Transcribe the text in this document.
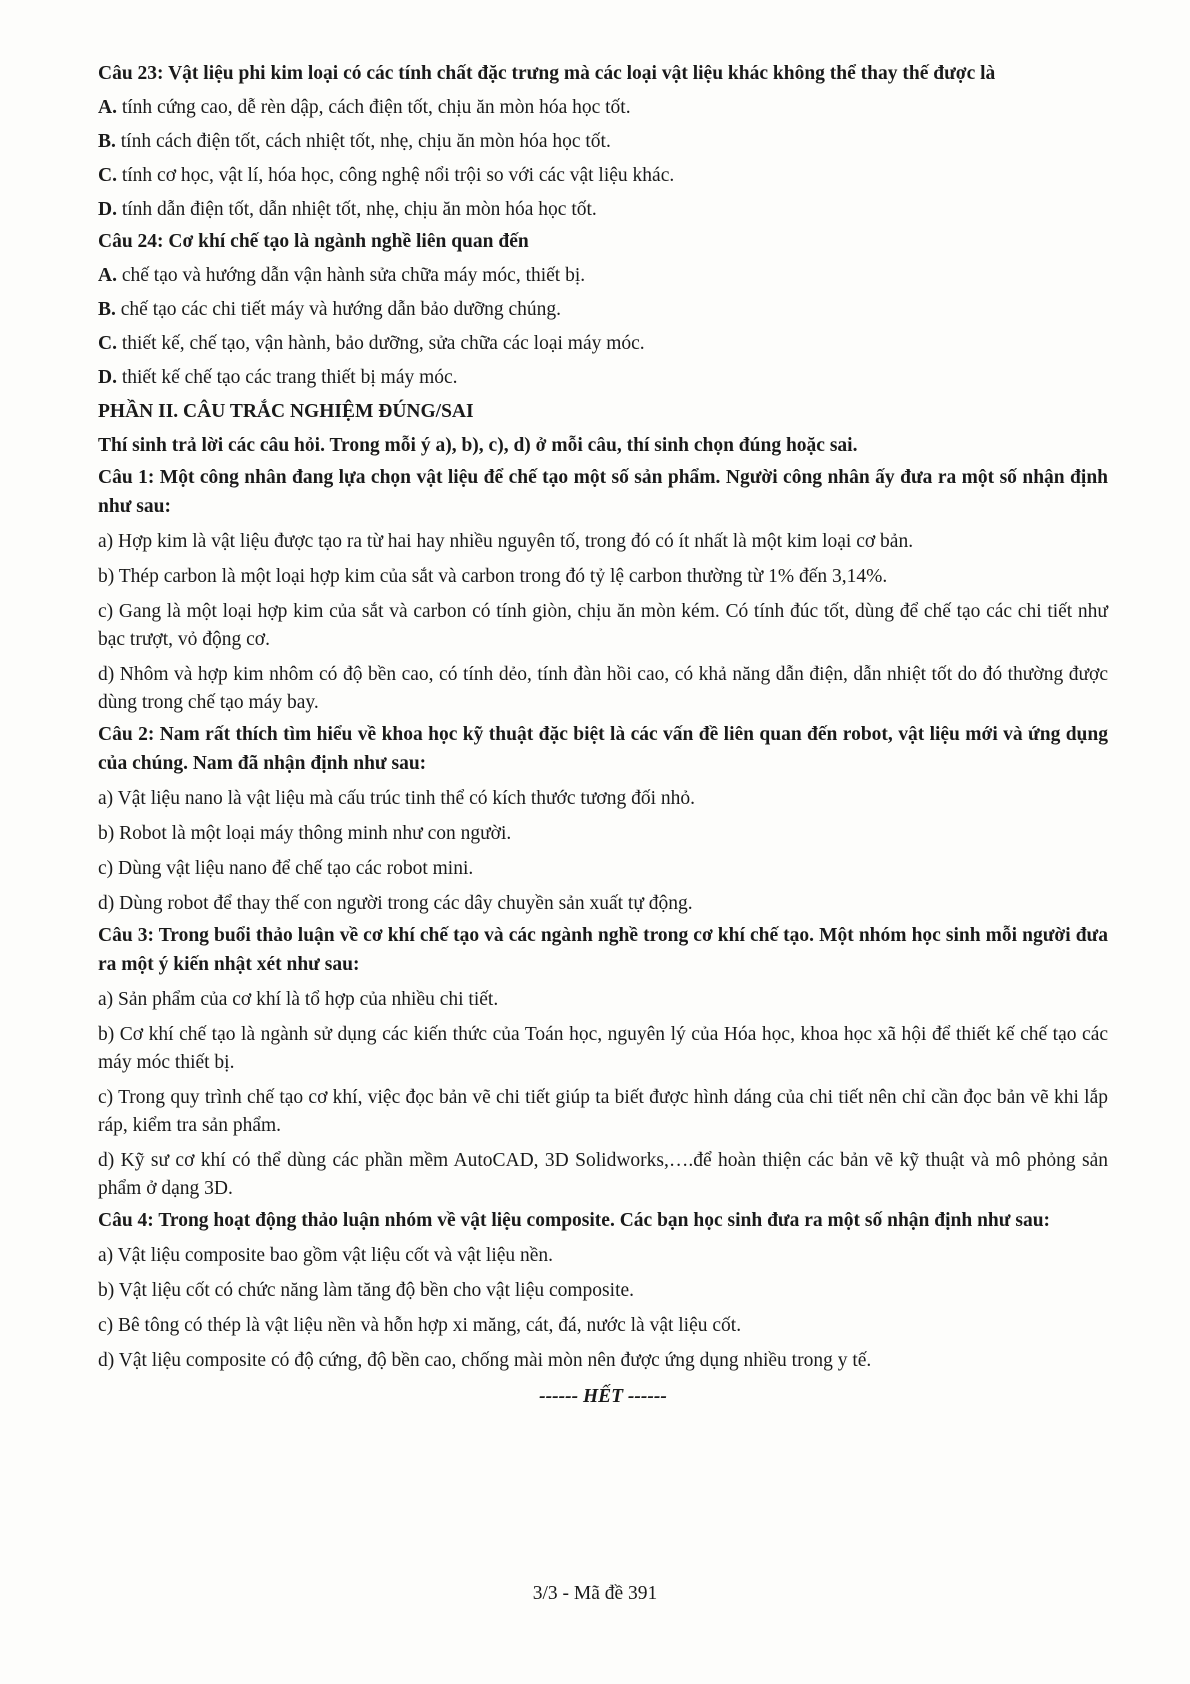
Câu 23: Vật liệu phi kim loại có các tính chất đặc trưng mà các loại vật liệu khác không thể thay thế được là
A. tính cứng cao, dễ rèn dập, cách điện tốt, chịu ăn mòn hóa học tốt.
B. tính cách điện tốt, cách nhiệt tốt, nhẹ, chịu ăn mòn hóa học tốt.
C. tính cơ học, vật lí, hóa học, công nghệ nổi trội so với các vật liệu khác.
D. tính dẫn điện tốt, dẫn nhiệt tốt, nhẹ, chịu ăn mòn hóa học tốt.
Câu 24: Cơ khí chế tạo là ngành nghề liên quan đến
A. chế tạo và hướng dẫn vận hành sửa chữa máy móc, thiết bị.
B. chế tạo các chi tiết máy và hướng dẫn bảo dưỡng chúng.
C. thiết kế, chế tạo, vận hành, bảo dưỡng, sửa chữa các loại máy móc.
D. thiết kế chế tạo các trang thiết bị máy móc.
PHẦN II. CÂU TRẮC NGHIỆM ĐÚNG/SAI
Thí sinh trả lời các câu hỏi. Trong mỗi ý a), b), c), d) ở mỗi câu, thí sinh chọn đúng hoặc sai.
Câu 1: Một công nhân đang lựa chọn vật liệu để chế tạo một số sản phẩm. Người công nhân ấy đưa ra một số nhận định như sau:
a) Hợp kim là vật liệu được tạo ra từ hai hay nhiều nguyên tố, trong đó có ít nhất là một kim loại cơ bản.
b) Thép carbon là một loại hợp kim của sắt và carbon trong đó tỷ lệ carbon thường từ 1% đến 3,14%.
c) Gang là một loại hợp kim của sắt và carbon có tính giòn, chịu ăn mòn kém. Có tính đúc tốt, dùng để chế tạo các chi tiết như bạc trượt, vỏ động cơ.
d) Nhôm và hợp kim nhôm có độ bền cao, có tính dẻo, tính đàn hồi cao, có khả năng dẫn điện, dẫn nhiệt tốt do đó thường được dùng trong chế tạo máy bay.
Câu 2: Nam rất thích tìm hiểu về khoa học kỹ thuật đặc biệt là các vấn đề liên quan đến robot, vật liệu mới và ứng dụng của chúng. Nam đã nhận định như sau:
a) Vật liệu nano là vật liệu mà cấu trúc tinh thể có kích thước tương đối nhỏ.
b) Robot là một loại máy thông minh như con người.
c) Dùng vật liệu nano để chế tạo các robot mini.
d) Dùng robot để thay thế con người trong các dây chuyền sản xuất tự động.
Câu 3: Trong buổi thảo luận về cơ khí chế tạo và các ngành nghề trong cơ khí chế tạo. Một nhóm học sinh mỗi người đưa ra một ý kiến nhật xét như sau:
a) Sản phẩm của cơ khí là tổ hợp của nhiều chi tiết.
b) Cơ khí chế tạo là ngành sử dụng các kiến thức của Toán học, nguyên lý của Hóa học, khoa học xã hội để thiết kế chế tạo các máy móc thiết bị.
c) Trong quy trình chế tạo cơ khí, việc đọc bản vẽ chi tiết giúp ta biết được hình dáng của chi tiết nên chỉ cần đọc bản vẽ khi lắp ráp, kiểm tra sản phẩm.
d) Kỹ sư cơ khí có thể dùng các phần mềm AutoCAD, 3D Solidworks,….để hoàn thiện các bản vẽ kỹ thuật và mô phỏng sản phẩm ở dạng 3D.
Câu 4: Trong hoạt động thảo luận nhóm về vật liệu composite. Các bạn học sinh đưa ra một số nhận định như sau:
a) Vật liệu composite bao gồm vật liệu cốt và vật liệu nền.
b) Vật liệu cốt có chức năng làm tăng độ bền cho vật liệu composite.
c) Bê tông có thép là vật liệu nền và hỗn hợp xi măng, cát, đá, nước là vật liệu cốt.
d) Vật liệu composite có độ cứng, độ bền cao, chống mài mòn nên được ứng dụng nhiều trong y tế.
------ HẾT ------
3/3 - Mã đề 391
